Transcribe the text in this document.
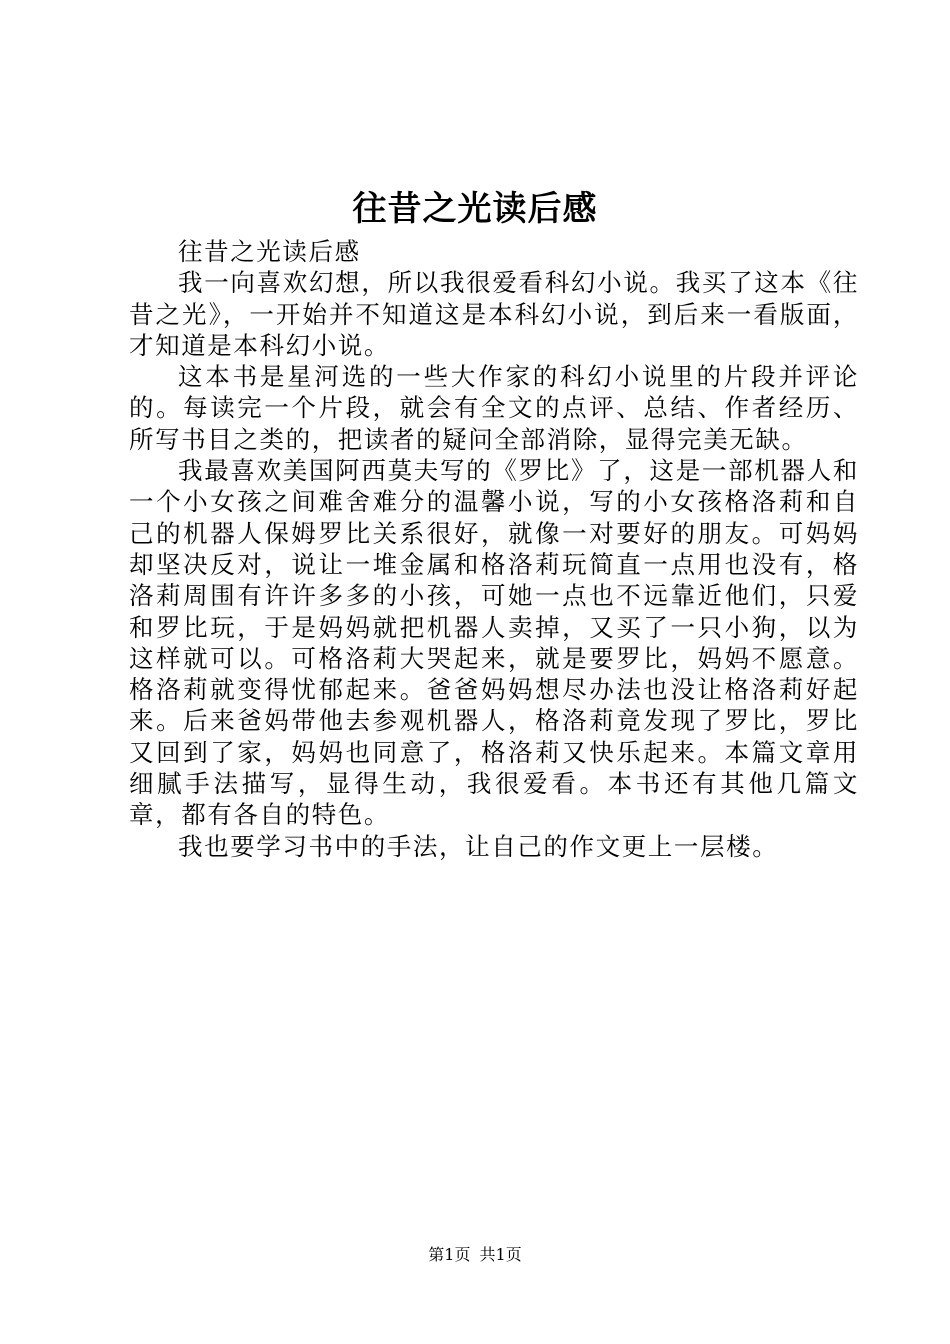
往昔之光读后感

往昔之光读后感

我一向喜欢幻想，所以我很爱看科幻小说。我买了这本《往昔之光》，一开始并不知道这是本科幻小说，到后来一看版面，才知道是本科幻小说。

这本书是星河选的一些大作家的科幻小说里的片段并评论的。每读完一个片段，就会有全文的点评、总结、作者经历、所写书目之类的，把读者的疑问全部消除，显得完美无缺。

我最喜欢美国阿西莫夫写的《罗比》了，这是一部机器人和一个小女孩之间难舍难分的温馨小说，写的小女孩格洛莉和自己的机器人保姆罗比关系很好，就像一对要好的朋友。可妈妈却坚决反对，说让一堆金属和格洛莉玩简直一点用也没有，格洛莉周围有许许多多的小孩，可她一点也不远靠近他们，只爱和罗比玩，于是妈妈就把机器人卖掉，又买了一只小狗，以为这样就可以。可格洛莉大哭起来，就是要罗比，妈妈不愿意。格洛莉就变得忧郁起来。爸爸妈妈想尽办法也没让格洛莉好起来。后来爸妈带他去参观机器人，格洛莉竟发现了罗比，罗比又回到了家，妈妈也同意了，格洛莉又快乐起来。本篇文章用细腻手法描写，显得生动，我很爱看。本书还有其他几篇文章，都有各自的特色。

我也要学习书中的手法，让自己的作文更上一层楼。

第1页 共1页
